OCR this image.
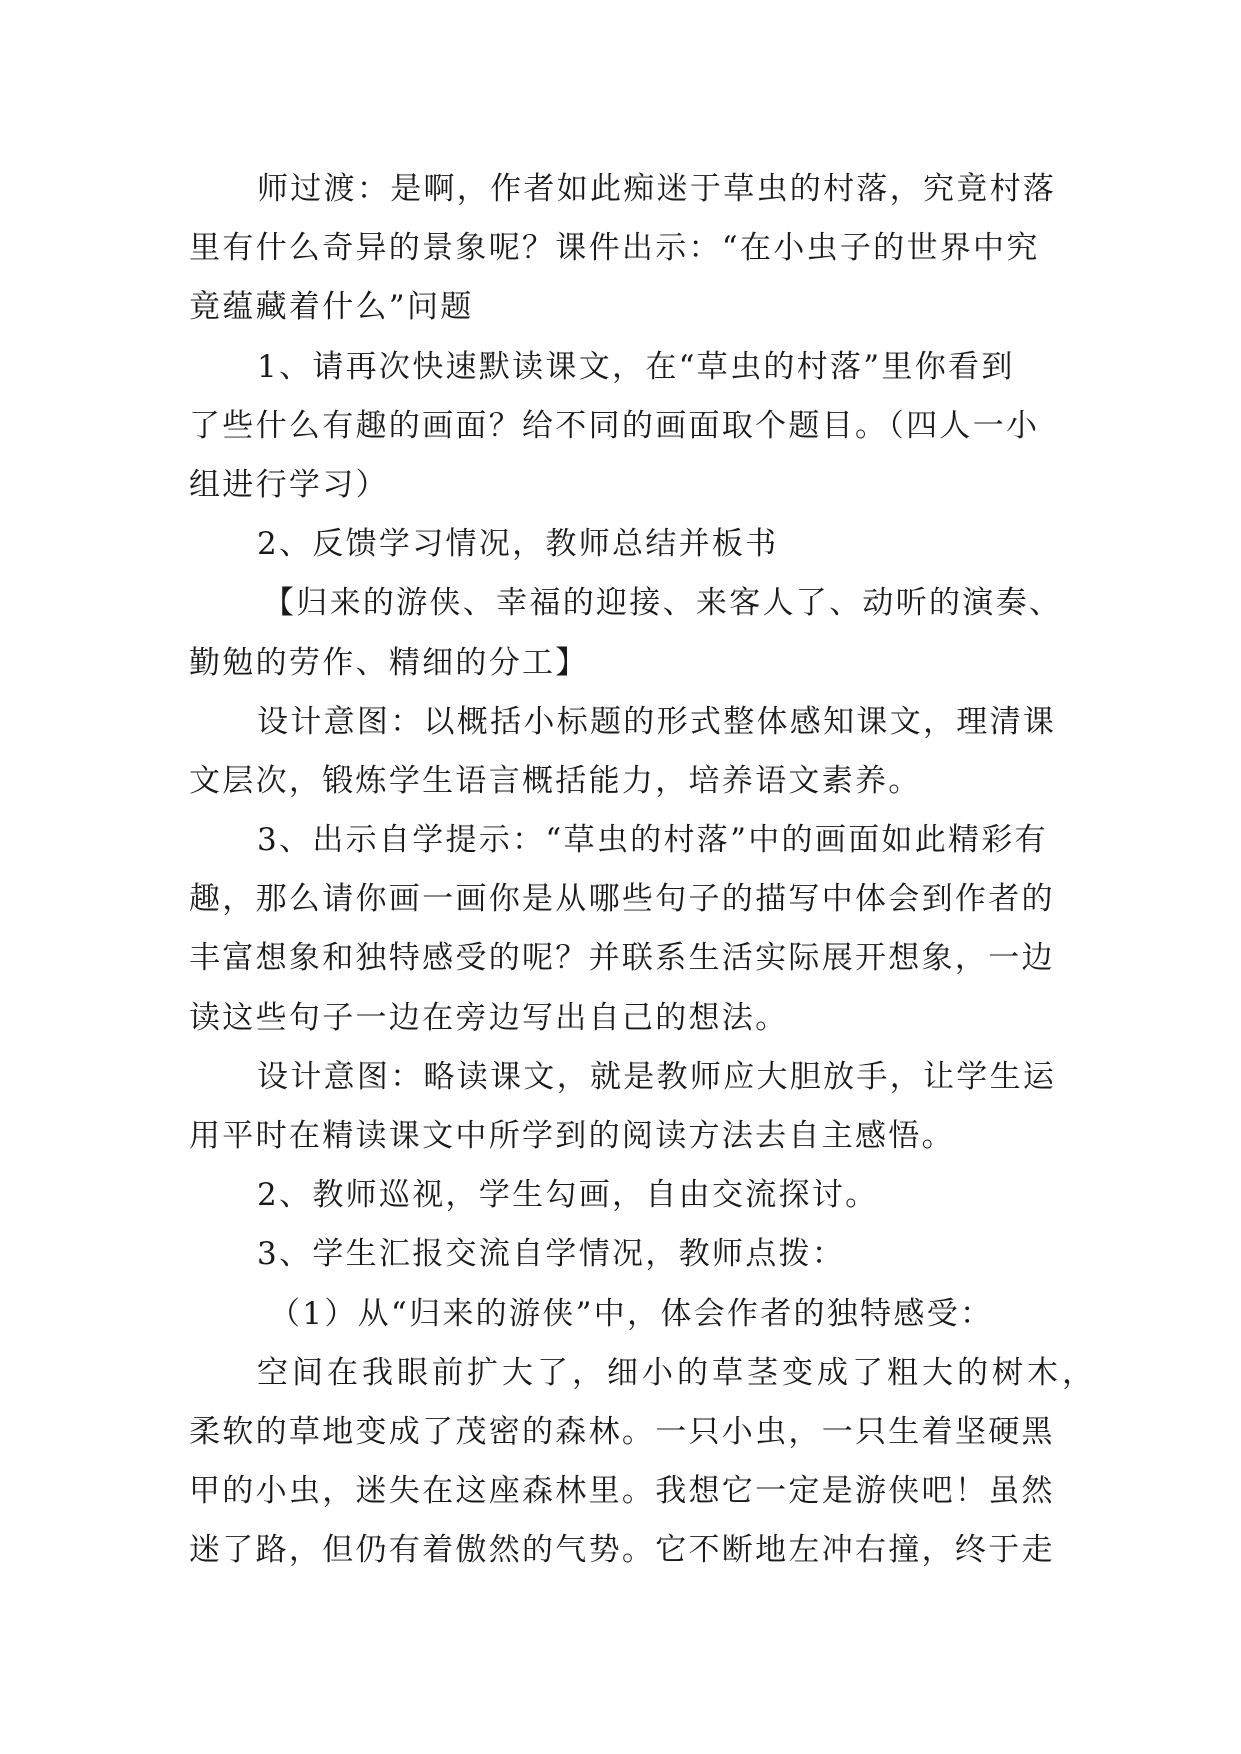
师过渡：是啊，作者如此痴迷于草虫的村落，究竟村落
里有什么奇异的景象呢？课件出示：“在小虫子的世界中究
竟蕴藏着什么”问题
1、请再次快速默读课文，在“草虫的村落”里你看到
了些什么有趣的画面？给不同的画面取个题目。（四人一小
组进行学习）
2、反馈学习情况，教师总结并板书
【归来的游侠、幸福的迎接、来客人了、动听的演奏、
勤勉的劳作、精细的分工】
设计意图：以概括小标题的形式整体感知课文，理清课
文层次，锻炼学生语言概括能力，培养语文素养。
3、出示自学提示：“草虫的村落”中的画面如此精彩有
趣，那么请你画一画你是从哪些句子的描写中体会到作者的
丰富想象和独特感受的呢？并联系生活实际展开想象，一边
读这些句子一边在旁边写出自己的想法。
设计意图：略读课文，就是教师应大胆放手，让学生运
用平时在精读课文中所学到的阅读方法去自主感悟。
2、教师巡视，学生勾画，自由交流探讨。
3、学生汇报交流自学情况，教师点拨：
（1）从“归来的游侠”中，体会作者的独特感受：
空间在我眼前扩大了，细小的草茎变成了粗大的树木，
柔软的草地变成了茂密的森林。一只小虫，一只生着坚硬黑
甲的小虫，迷失在这座森林里。我想它一定是游侠吧！虽然
迷了路，但仍有着傲然的气势。它不断地左冲右撞，终于走
